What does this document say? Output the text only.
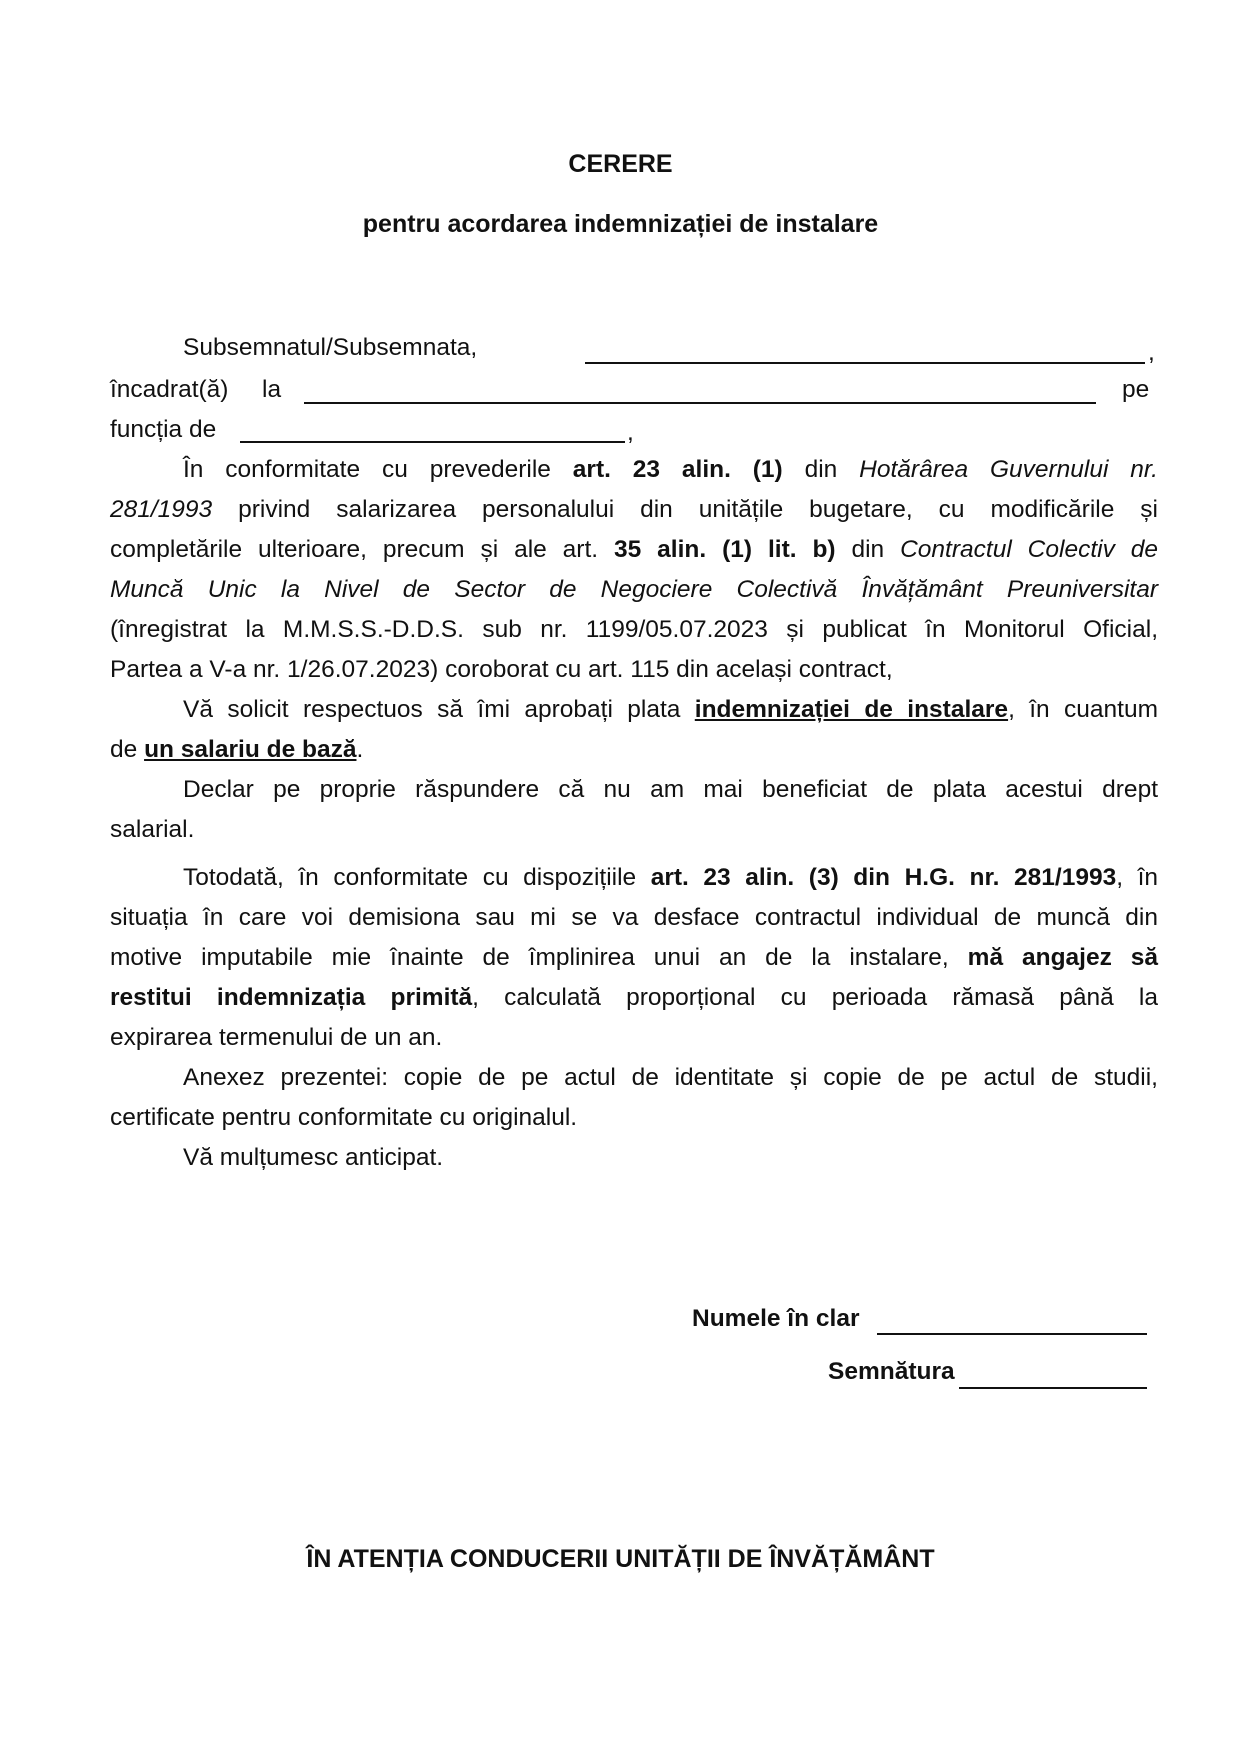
CERERE
pentru acordarea indemnizației de instalare
Subsemnatul/Subsemnata,	,
încadrat(ă) la	pe
funcția de	,
În conformitate cu prevederile art. 23 alin. (1) din Hotărârea Guvernului nr.
281/1993 privind salarizarea personalului din unitățile bugetare, cu modificările și
completările ulterioare, precum și ale art. 35 alin. (1) lit. b) din Contractul Colectiv de
Muncă Unic la Nivel de Sector de Negociere Colectivă Învățământ Preuniversitar
(înregistrat la M.M.S.S.-D.D.S. sub nr. 1199/05.07.2023 și publicat în Monitorul Oficial,
Partea a V-a nr. 1/26.07.2023) coroborat cu art. 115 din același contract,
Vă solicit respectuos să îmi aprobați plata indemnizației de instalare, în cuantum
de un salariu de bază.
Declar pe proprie răspundere că nu am mai beneficiat de plata acestui drept
salarial.
Totodată, în conformitate cu dispozițiile art. 23 alin. (3) din H.G. nr. 281/1993, în
situația în care voi demisiona sau mi se va desface contractul individual de muncă din
motive imputabile mie înainte de împlinirea unui an de la instalare, mă angajez să
restitui indemnizația primită, calculată proporțional cu perioada rămasă până la
expirarea termenului de un an.
Anexez prezentei: copie de pe actul de identitate și copie de pe actul de studii,
certificate pentru conformitate cu originalul.
Vă mulțumesc anticipat.
Numele în clar
Semnătura
ÎN ATENȚIA CONDUCERII UNITĂȚII DE ÎNVĂȚĂMÂNT
